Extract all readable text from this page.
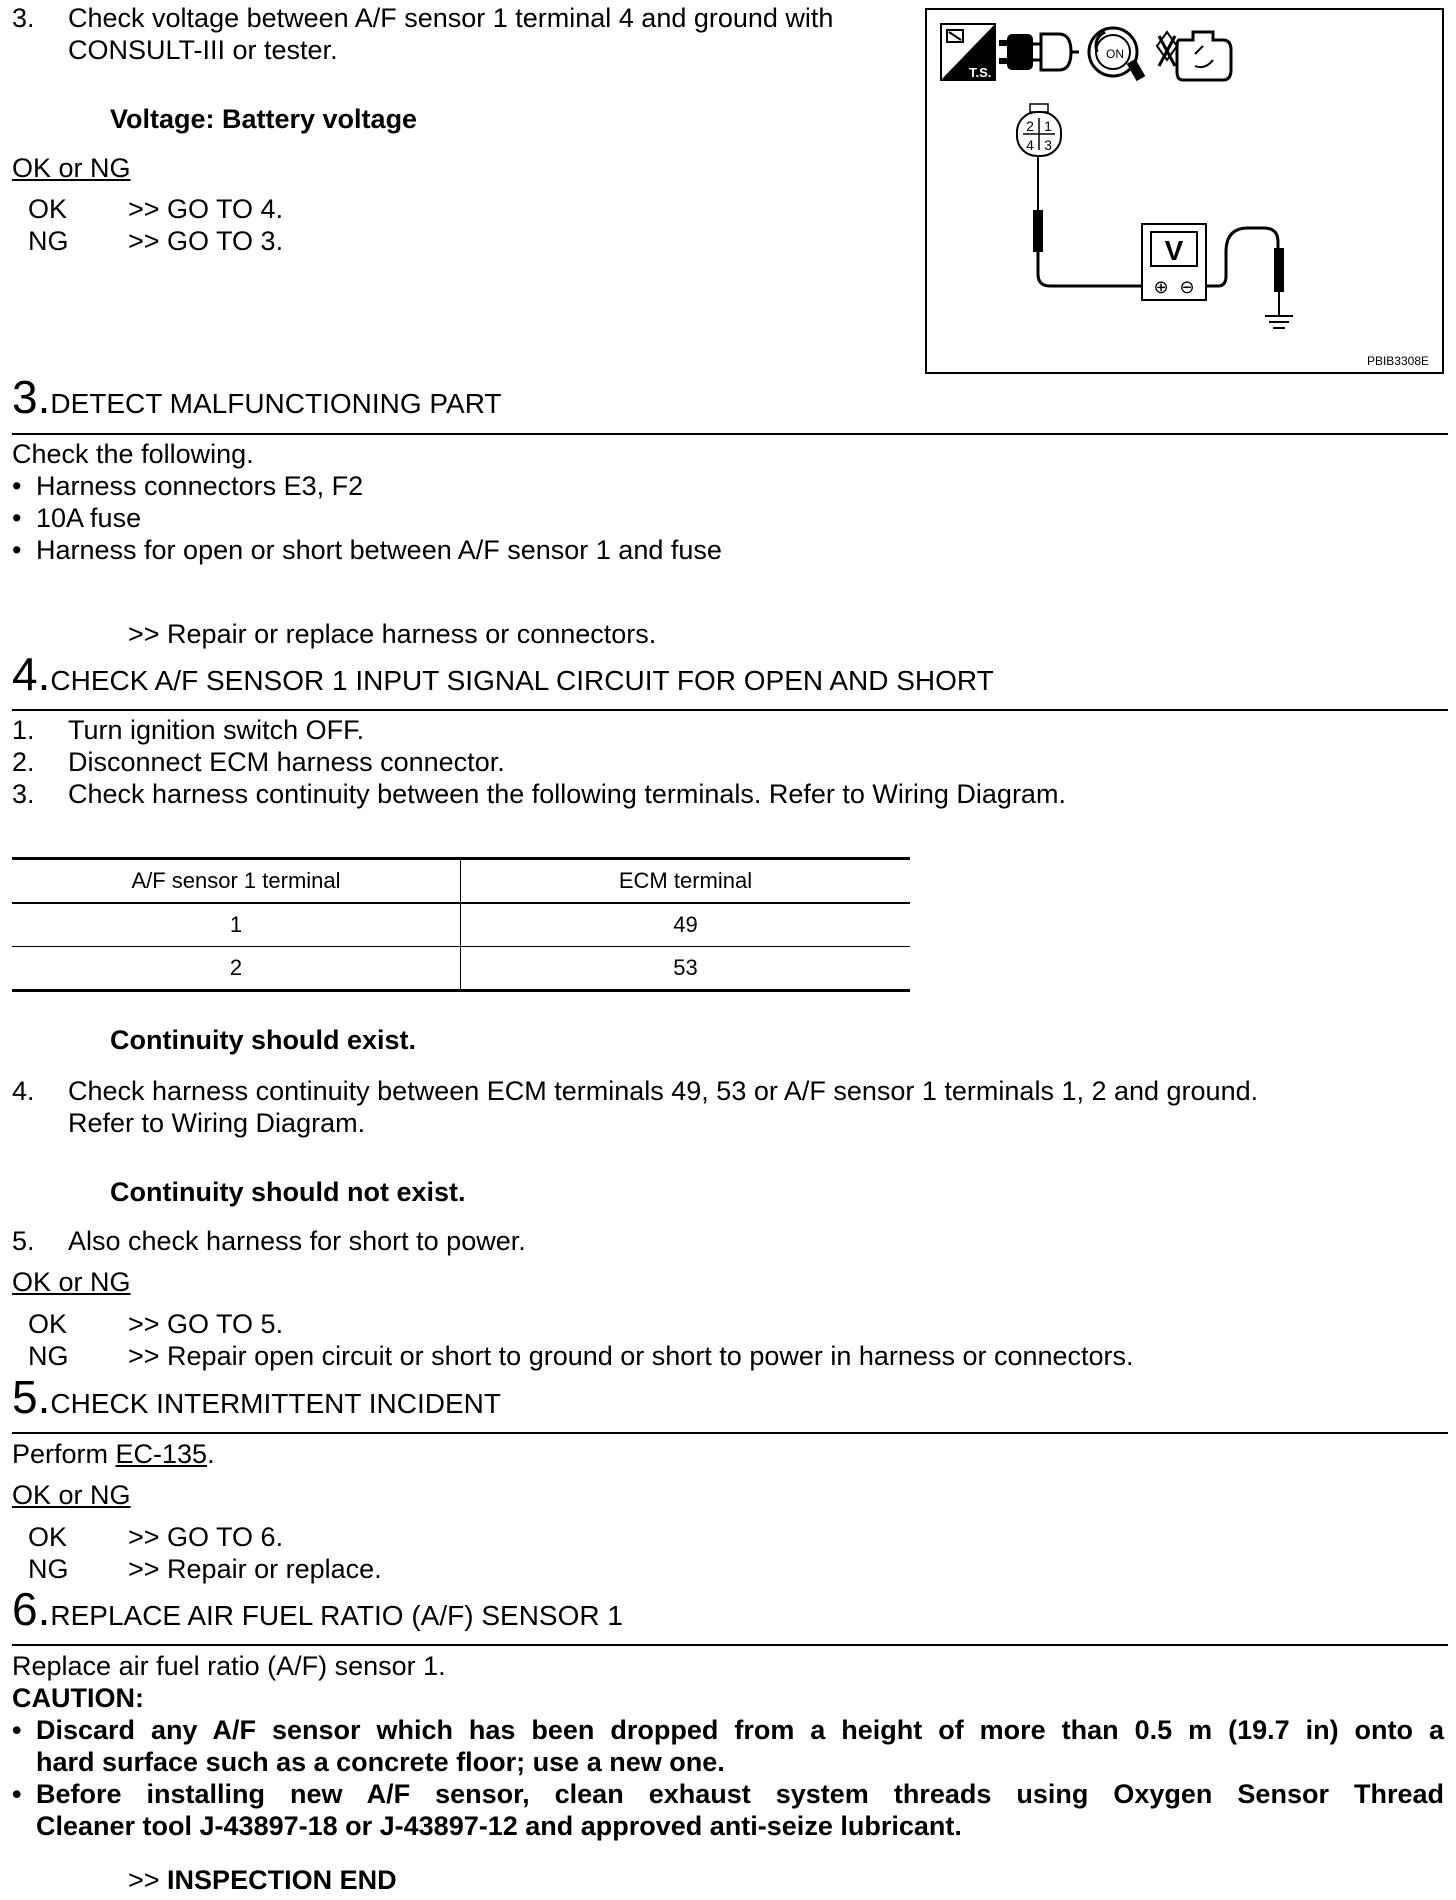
3.	Check voltage between A/F sensor 1 terminal 4 and ground with
CONSULT-III or tester.
Voltage: Battery voltage
OK or NG
OK >> GO TO 4.
NG >> GO TO 3.
T.S.
ON
2 1
4 3
V
⊕ ⊖
PBIB3308E
3.DETECT MALFUNCTIONING PART
Check the following.
• Harness connectors E3, F2
• 10A fuse
• Harness for open or short between A/F sensor 1 and fuse
>> Repair or replace harness or connectors.
4.CHECK A/F SENSOR 1 INPUT SIGNAL CIRCUIT FOR OPEN AND SHORT
1.	Turn ignition switch OFF.
2.	Disconnect ECM harness connector.
3.	Check harness continuity between the following terminals. Refer to Wiring Diagram.
A/F sensor 1 terminal	ECM terminal
1	49
2	53
Continuity should exist.
4.	Check harness continuity between ECM terminals 49, 53 or A/F sensor 1 terminals 1, 2 and ground.
Refer to Wiring Diagram.
Continuity should not exist.
5.	Also check harness for short to power.
OK or NG
OK >> GO TO 5.
NG >> Repair open circuit or short to ground or short to power in harness or connectors.
5.CHECK INTERMITTENT INCIDENT
Perform EC-135.
OK or NG
OK >> GO TO 6.
NG >> Repair or replace.
6.REPLACE AIR FUEL RATIO (A/F) SENSOR 1
Replace air fuel ratio (A/F) sensor 1.
CAUTION:
• Discard any A/F sensor which has been dropped from a height of more than 0.5 m (19.7 in) onto a
hard surface such as a concrete floor; use a new one.
• Before installing new A/F sensor, clean exhaust system threads using Oxygen Sensor Thread
Cleaner tool J-43897-18 or J-43897-12 and approved anti-seize lubricant.
>> INSPECTION END
